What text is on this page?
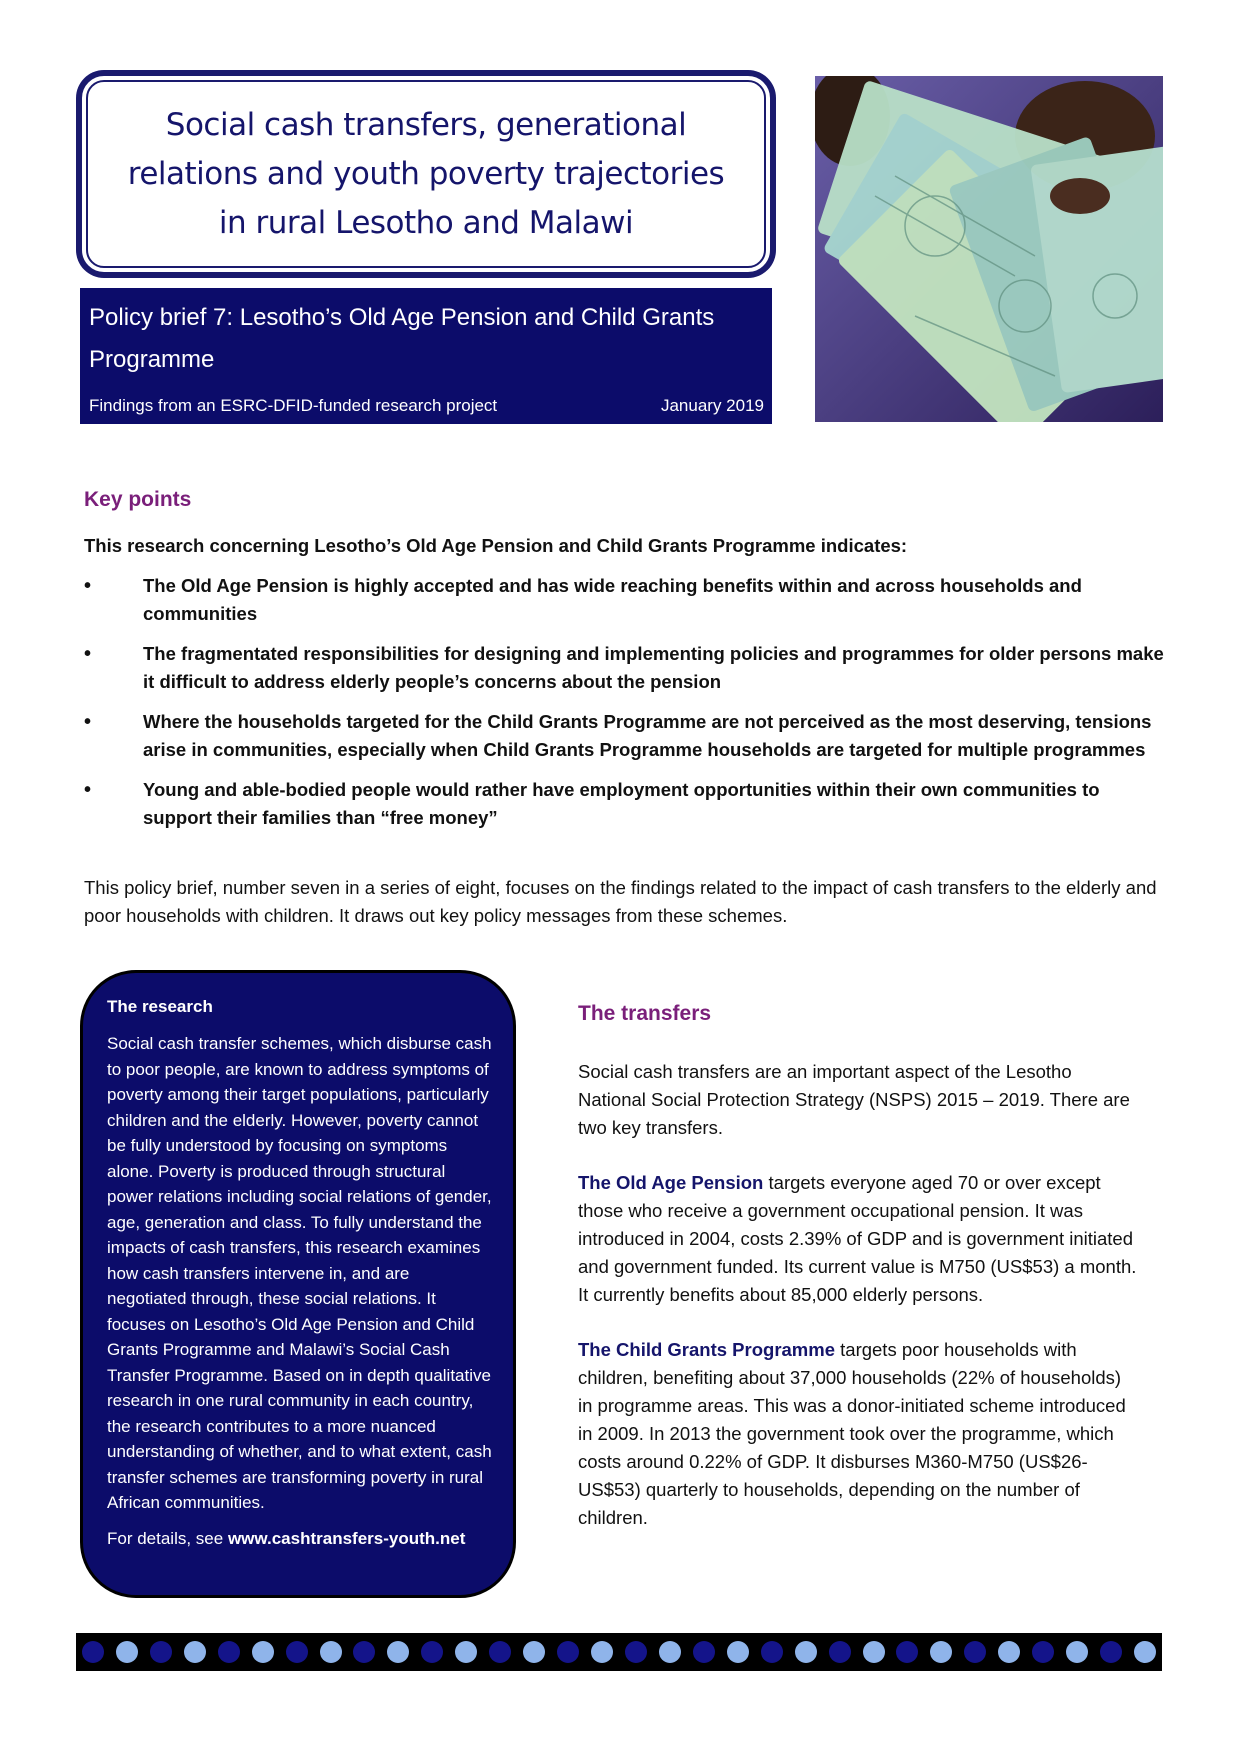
Social cash transfers, generational relations and youth poverty trajectories in rural Lesotho and Malawi
Policy brief 7: Lesotho’s Old Age Pension and Child Grants Programme
Findings from an ESRC-DFID-funded research project	January 2019
Key points

This research concerning Lesotho’s Old Age Pension and Child Grants Programme indicates:

• The Old Age Pension is highly accepted and has wide reaching benefits within and across households and communities
• The fragmentated responsibilities for designing and implementing policies and programmes for older persons make it difficult to address elderly people’s concerns about the pension
• Where the households targeted for the Child Grants Programme are not perceived as the most deserving, tensions arise in communities, especially when Child Grants Programme households are targeted for multiple programmes
• Young and able-bodied people would rather have employment opportunities within their own communities to support their families than “free money”

This policy brief, number seven in a series of eight, focuses on the findings related to the impact of cash transfers to the elderly and poor households with children. It draws out key policy messages from these schemes.

The research

Social cash transfer schemes, which disburse cash to poor people, are known to address symptoms of poverty among their target populations, particularly children and the elderly. However, poverty cannot be fully understood by focusing on symptoms alone. Poverty is produced through structural power relations including social relations of gender, age, generation and class. To fully understand the impacts of cash transfers, this research examines how cash transfers intervene in, and are negotiated through, these social relations. It focuses on Lesotho’s Old Age Pension and Child Grants Programme and Malawi’s Social Cash Transfer Programme. Based on in depth qualitative research in one rural community in each country, the research contributes to a more nuanced understanding of whether, and to what extent, cash transfer schemes are transforming poverty in rural African communities.

For details, see www.cashtransfers-youth.net

The transfers

Social cash transfers are an important aspect of the Lesotho National Social Protection Strategy (NSPS) 2015 – 2019. There are two key transfers.

The Old Age Pension targets everyone aged 70 or over except those who receive a government occupational pension. It was introduced in 2004, costs 2.39% of GDP and is government initiated and government funded. Its current value is M750 (US$53) a month. It currently benefits about 85,000 elderly persons.

The Child Grants Programme targets poor households with children, benefiting about 37,000 households (22% of households) in programme areas. This was a donor-initiated scheme introduced in 2009. In 2013 the government took over the programme, which costs around 0.22% of GDP. It disburses M360-M750 (US$26-US$53) quarterly to households, depending on the number of children.
